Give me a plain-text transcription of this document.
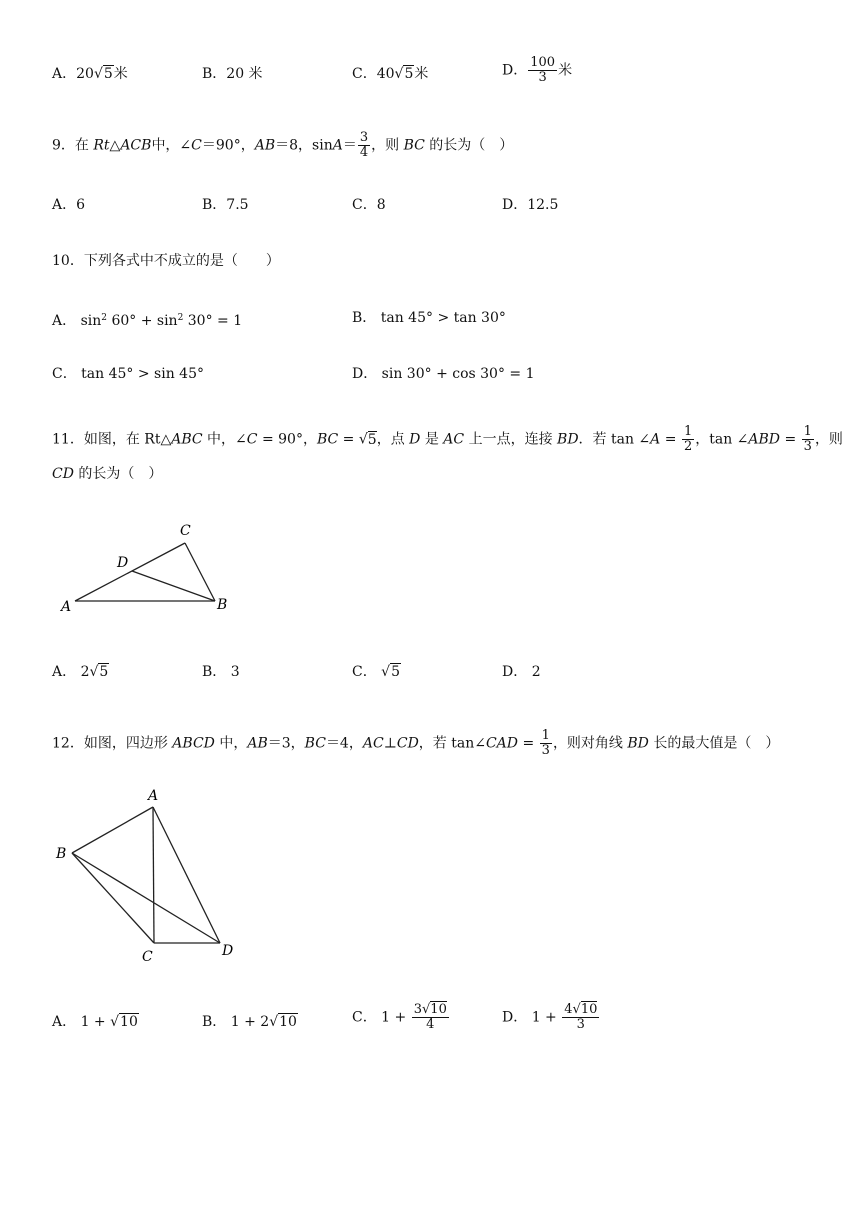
A．20√5米	B．20 米	C．40√5米	D． $\frac{100}{3}$ 米
9．在 Rt△ACB中，∠C＝90°，AB＝8，$\sin A= \frac{3}{4}$ ，则 BC 的长为（　）
A．6	B．7.5	C．8	D．12.5
10．下列各式中不成立的是（　　）
A． $\sin^2 60^\circ + \sin^2 30^\circ = 1$	B． tan 45° > tan 30°
C． tan 45° > sin 45°	D． sin 30° + cos 30° = 1
11．如图，在 Rt△ABC 中，∠C = 90°，BC = √5，点 D 是 AC 上一点，连接 BD．若 tan ∠A = $\frac{1}{2}$ ，tan ∠ABD = $\frac{1}{3}$ ，则
CD 的长为（　）
A	B
C
D
A． 2√5	B． 3	C． √5	D． 2
12．如图，四边形 ABCD 中，AB＝3，BC＝4，AC⊥CD，若 tan∠CAD = $\frac{1}{3}$ ，则对角线 BD 长的最大值是（　）
A
B
C	D
A． 1 + √10	B． 1 + 2√10	C． $1 + \frac{3√10}{4}$	D． $1 + \frac{4√10}{3}$
